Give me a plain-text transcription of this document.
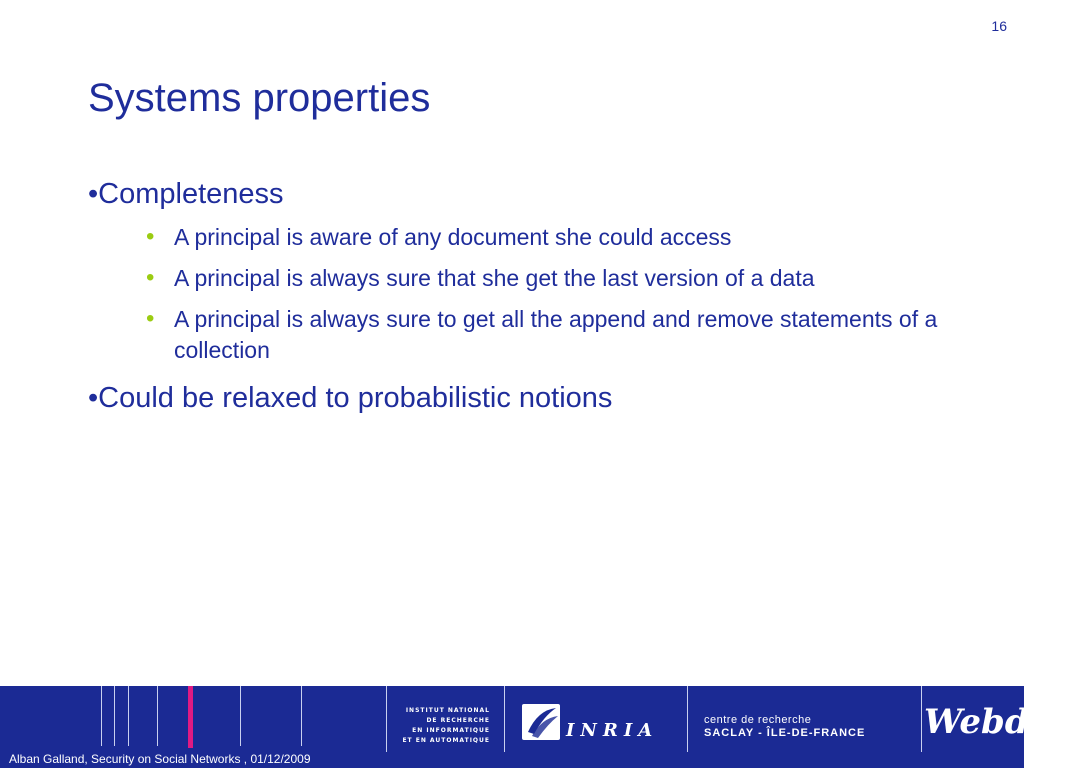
16
Systems properties
•Completeness
• A principal is aware of any document she could access
• A principal is always sure that she get the last version of a data
• A principal is always sure to get all the append and remove statements of a collection
•Could be relaxed to probabilistic notions
INSTITUT NATIONAL
DE RECHERCHE
EN INFORMATIQUE
ET EN AUTOMATIQUE	INRIA	centre de recherche
SACLAY - ÎLE-DE-FRANCE Webdam
Alban Galland, Security on Social Networks , 01/12/2009
